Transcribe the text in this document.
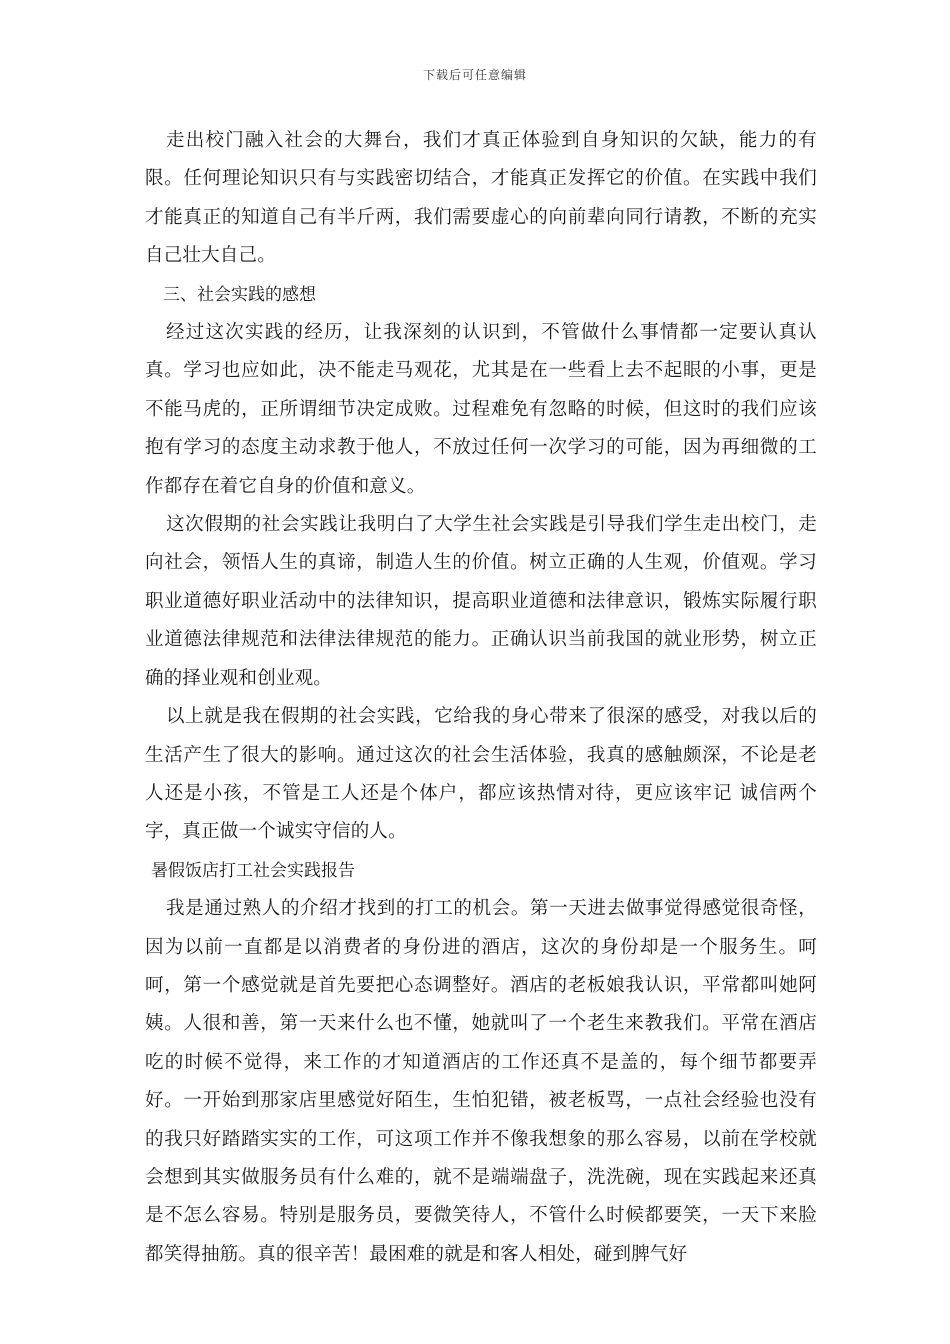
下载后可任意编辑

走出校门融入社会的大舞台，我们才真正体验到自身知识的欠缺，能力的有限。任何理论知识只有与实践密切结合，才能真正发挥它的价值。在实践中我们才能真正的知道自己有半斤两，我们需要虚心的向前辈向同行请教，不断的充实自己壮大自己。

三、社会实践的感想

经过这次实践的经历，让我深刻的认识到，不管做什么事情都一定要认真认真。学习也应如此，决不能走马观花，尤其是在一些看上去不起眼的小事，更是不能马虎的，正所谓细节决定成败。过程难免有忽略的时候，但这时的我们应该抱有学习的态度主动求教于他人，不放过任何一次学习的可能，因为再细微的工作都存在着它自身的价值和意义。

这次假期的社会实践让我明白了大学生社会实践是引导我们学生走出校门，走向社会，领悟人生的真谛，制造人生的价值。树立正确的人生观，价值观。学习职业道德好职业活动中的法律知识，提高职业道德和法律意识，锻炼实际履行职业道德法律规范和法律法律规范的能力。正确认识当前我国的就业形势，树立正确的择业观和创业观。

以上就是我在假期的社会实践，它给我的身心带来了很深的感受，对我以后的生活产生了很大的影响。通过这次的社会生活体验，我真的感触颇深，不论是老人还是小孩，不管是工人还是个体户，都应该热情对待，更应该牢记 诚信两个字，真正做一个诚实守信的人。

暑假饭店打工社会实践报告

我是通过熟人的介绍才找到的打工的机会。第一天进去做事觉得感觉很奇怪，因为以前一直都是以消费者的身份进的酒店，这次的身份却是一个服务生。呵呵，第一个感觉就是首先要把心态调整好。酒店的老板娘我认识，平常都叫她阿姨。人很和善，第一天来什么也不懂，她就叫了一个老生来教我们。平常在酒店吃的时候不觉得，来工作的才知道酒店的工作还真不是盖的，每个细节都要弄好。一开始到那家店里感觉好陌生，生怕犯错，被老板骂，一点社会经验也没有的我只好踏踏实实的工作，可这项工作并不像我想象的那么容易，以前在学校就会想到其实做服务员有什么难的，就不是端端盘子，洗洗碗，现在实践起来还真是不怎么容易。特别是服务员，要微笑待人，不管什么时候都要笑，一天下来脸都笑得抽筋。真的很辛苦！最困难的就是和客人相处，碰到脾气好
